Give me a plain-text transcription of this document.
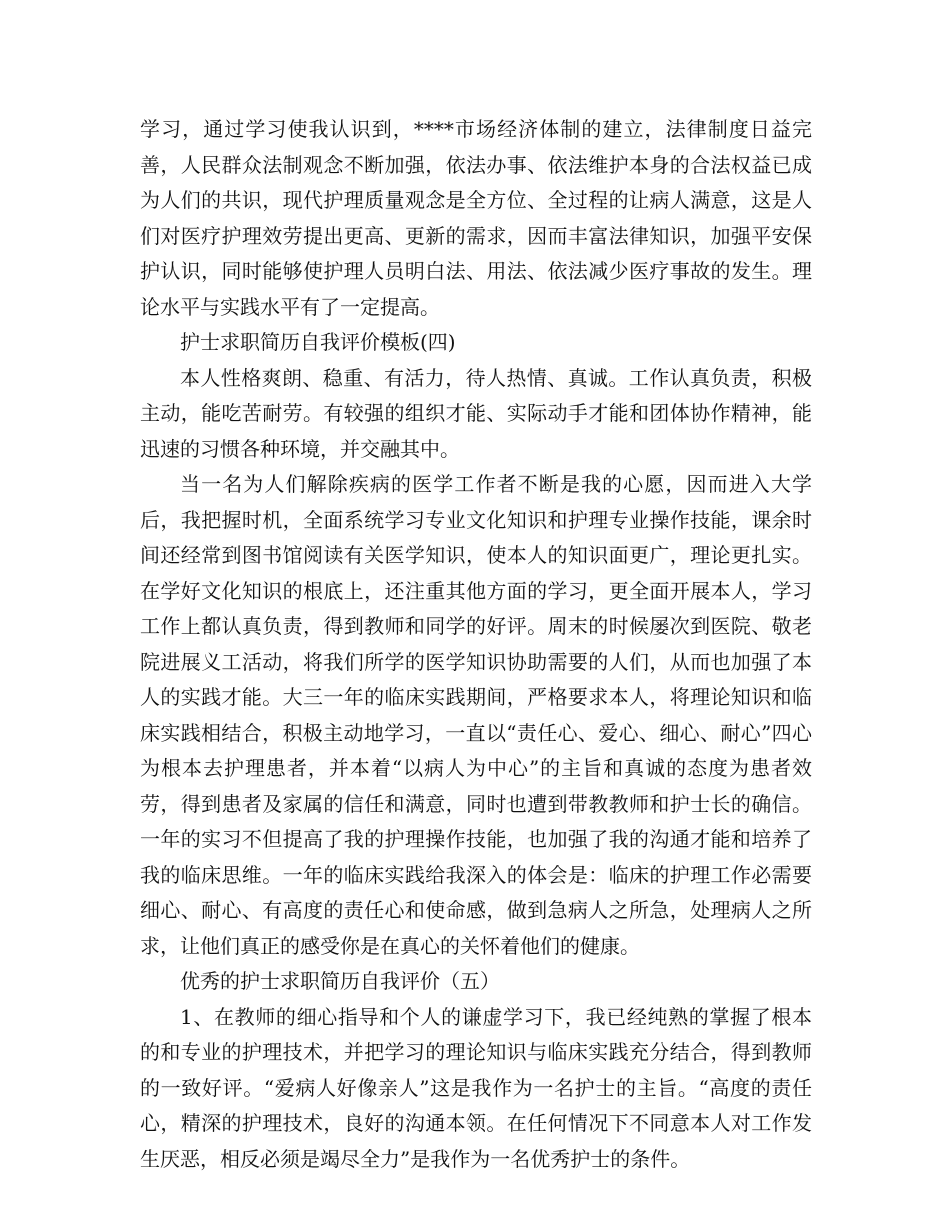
学习，通过学习使我认识到，****市场经济体制的建立，法律制度日益完善，人民群众法制观念不断加强，依法办事、依法维护本身的合法权益已成为人们的共识，现代护理质量观念是全方位、全过程的让病人满意，这是人们对医疗护理效劳提出更高、更新的需求，因而丰富法律知识，加强平安保护认识，同时能够使护理人员明白法、用法、依法减少医疗事故的发生。理论水平与实践水平有了一定提高。

护士求职简历自我评价模板(四)

本人性格爽朗、稳重、有活力，待人热情、真诚。工作认真负责，积极主动，能吃苦耐劳。有较强的组织才能、实际动手才能和团体协作精神，能迅速的习惯各种环境，并交融其中。

当一名为人们解除疾病的医学工作者不断是我的心愿，因而进入大学后，我把握时机，全面系统学习专业文化知识和护理专业操作技能，课余时间还经常到图书馆阅读有关医学知识，使本人的知识面更广，理论更扎实。在学好文化知识的根底上，还注重其他方面的学习，更全面开展本人，学习工作上都认真负责，得到教师和同学的好评。周末的时候屡次到医院、敬老院进展义工活动，将我们所学的医学知识协助需要的人们，从而也加强了本人的实践才能。大三一年的临床实践期间，严格要求本人，将理论知识和临床实践相结合，积极主动地学习，一直以“责任心、爱心、细心、耐心”四心为根本去护理患者，并本着“以病人为中心”的主旨和真诚的态度为患者效劳，得到患者及家属的信任和满意，同时也遭到带教教师和护士长的确信。一年的实习不但提高了我的护理操作技能，也加强了我的沟通才能和培养了我的临床思维。一年的临床实践给我深入的体会是：临床的护理工作必需要细心、耐心、有高度的责任心和使命感，做到急病人之所急，处理病人之所求，让他们真正的感受你是在真心的关怀着他们的健康。

优秀的护士求职简历自我评价（五）

1、在教师的细心指导和个人的谦虚学习下，我已经纯熟的掌握了根本的和专业的护理技术，并把学习的理论知识与临床实践充分结合，得到教师的一致好评。“爱病人好像亲人”这是我作为一名护士的主旨。“高度的责任心，精深的护理技术，良好的沟通本领。在任何情况下不同意本人对工作发生厌恶，相反必须是竭尽全力”是我作为一名优秀护士的条件。
